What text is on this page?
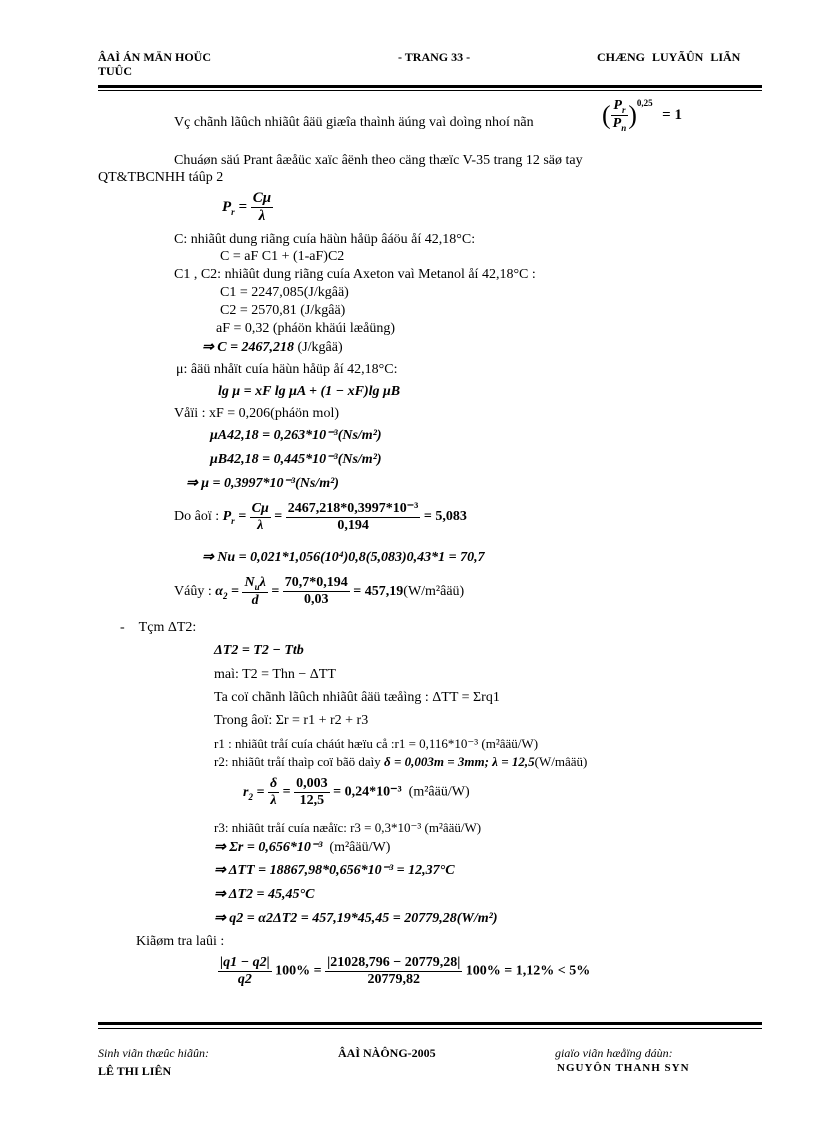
ÂAÌ ÁN MÄN HOÜC
TUÛC
- TRANG 33 -	CHÆNG LUYÃÛN LIÃN
Vç chãnh lãûch nhiãût âäü giæîa thaình äúng vaì doìng nhoí nãn	( $\frac{P_r}{P_n} )^{0,25} = 1$
Chuáøn säú Prant âæåüc xaïc âënh theo cäng thæïc V-35 trang 12 säø tay
QT&TBCNHH táûp 2
$P_r = \frac{C\mu}{\lambda}$
C: nhiãût dung riãng cuía häùn håüp âáöu åí 42,18°C:
C = aF C1 + (1-aF)C2
C1 , C2: nhiãût dung riãng cuía Axeton vaì Metanol åí 42,18°C :
C1 = 2247,085(J/kgâä)
C2 = 2570,81 (J/kgâä)
aF = 0,32 (pháön khäúi læåüng)
⇒ C = 2467,218 (J/kgâä)
μ: âäü nhåït cuía häùn håüp åí 42,18°C:
lg μ = xF lg μA + (1 − xF)lg μB
Våïi : xF = 0,206(pháön mol)
μA42,18 = 0,263*10⁻³(Ns/m²)
μB42,18 = 0,445*10⁻³(Ns/m²)
⇒ μ = 0,3997*10⁻³(Ns/m²)
Do âoï : $P_r = \frac{C\mu}{\lambda} = \frac{\text{2467,218*0,3997*10⁻³}}{0,194} = 5,083$
⇒ Nu = 0,021*1,056(10⁴)0,8(5,083)0,43*1 = 70,7
Váûy : $\alpha_2 = \frac{N_u\lambda}{d} = \frac{70,7*0,194}{0,03}$ = 457,19(W/m²âäü)
-    Tçm ΔT2:
ΔT2 = T2 − Ttb
maì: T2 = Thn − ΔTT
Ta coï chãnh lãûch nhiãût âäü tæåìng : ΔTT = Σrq1
Trong âoï: Σr = r1 + r2 + r3
r1 : nhiãût tråí cuía cháút hæïu cå :r1 = 0,116*10⁻³ (m²âäü/W)
r2: nhiãût tråí thaìp coï bãö daìy δ = 0,003m = 3mm; λ = 12,5(W/mâäü)
$r_2 = \frac{\delta}{\lambda} = \frac{0,003}{12,5} = 0,24*10^{-3}$ (m²âäü/W)
r3: nhiãût tråí cuía næåïc: r3 = 0,3*10⁻³ (m²âäü/W)
⇒ Σr = 0,656*10⁻³ (m²âäü/W)
⇒ ΔTT = 18867,98*0,656*10⁻³ = 12,37°C
⇒ ΔT2 = 45,45°C
⇒ q2 = α2ΔT2 = 457,19*45,45 = 20779,28(W/m²)
Kiãøm tra laûi :
$\frac{|q1 - q2|}{q2} 100\% = \frac{|21028,796 - 20779,28|}{20779,82} 100\% = 1,12\% < 5\%$
Sinh viãn thæûc hiãûn:
LÊ THI LIÊN
ÂAÌ NÀÔNG-2005	giaïo viãn hæåïng dáùn:
NGUYÔN THANH SYN
